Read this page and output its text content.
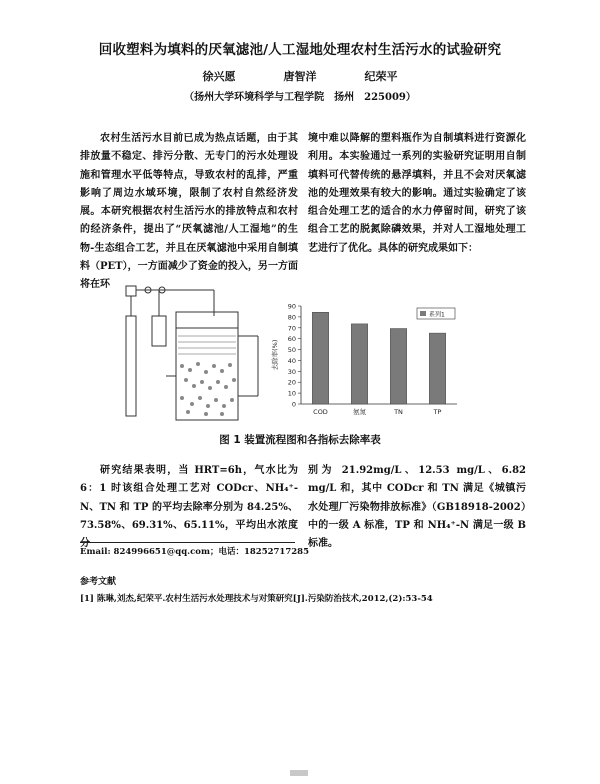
回收塑料为填料的厌氧滤池/人工湿地处理农村生活污水的试验研究
徐兴愿	唐智洋	纪荣平
（扬州大学环境科学与工程学院　扬州　225009）

农村生活污水目前已成为热点话题，由于其排放量不稳定、排污分散、无专门的污水处理设施和管理水平低等特点，导致农村的乱排，严重影响了周边水域环境，限制了农村自然经济发展。本研究根据农村生活污水的排放特点和农村的经济条件，提出了“厌氧滤池/人工湿地”的生物-生态组合工艺，并且在厌氧滤池中采用自制填料（PET），一方面减少了资金的投入，另一方面将在环

境中难以降解的塑料瓶作为自制填料进行资源化利用。本实验通过一系列的实验研究证明用自制填料可代替传统的悬浮填料，并且不会对厌氧滤池的处理效果有较大的影响。通过实验确定了该组合处理工艺的适合的水力停留时间，研究了该组合工艺的脱氮除磷效果，并对人工湿地处理工艺进行了优化。具体的研究成果如下：

0
10
20
30
40
50
60
70
80
90
去除率(%)
COD	氨氮	TN	TP
系列1
图 1 装置流程图和各指标去除率表

研究结果表明，当 HRT=6h，气水比为 6：1 时该组合处理工艺对 CODcr、NH₄⁺-N、TN 和 TP 的平均去除率分别为 84.25%、73.58%、69.31%、65.11%，平均出水浓度分

别为 21.92mg/L、12.53 mg/L、6.82 mg/L 和，其中 CODcr 和 TN 满足《城镇污水处理厂污染物排放标准》（GB18918-2002）中的一级 A 标准，TP 和 NH₄⁺-N 满足一级 B 标准。

Email: 824996651@qq.com；电话：18252717285
参考文献
[1] 陈琳,刘杰,纪荣平.农村生活污水处理技术与对策研究[J].污染防治技术,2012,(2):53-54
